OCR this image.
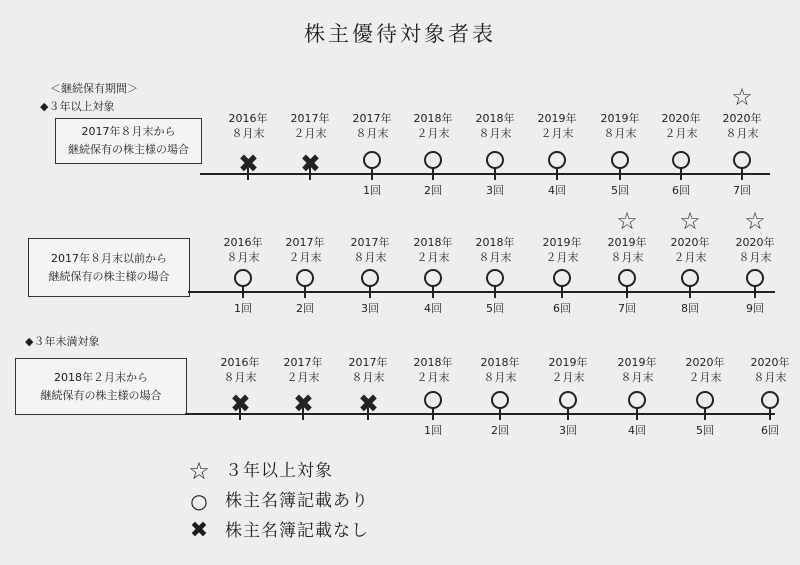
株主優待対象者表
＜継続保有期間＞
◆３年以上対象
◆３年未満対象
2017年８月末から
継続保有の株主様の場合
2016年
８月末
✖
2017年
２月末
✖
2017年
８月末
1回
2018年
２月末
2回
2018年
８月末
3回
2019年
２月末
4回
2019年
８月末
5回
2020年
２月末
6回
☆
2020年
８月末
7回
2017年８月末以前から
継続保有の株主様の場合
2016年
８月末
1回
2017年
２月末
2回
2017年
８月末
3回
2018年
２月末
4回
2018年
８月末
5回
2019年
２月末
6回
☆
2019年
８月末
7回
☆
2020年
２月末
8回
☆
2020年
８月末
9回
2018年２月末から
継続保有の株主様の場合
2016年
８月末
✖
2017年
２月末
✖
2017年
８月末
✖
2018年
２月末
1回
2018年
８月末
2回
2019年
２月末
3回
2019年
８月末
4回
2020年
２月末
5回
2020年
８月末
6回
☆ ３年以上対象
○	株主名簿記載あり
✖ 株主名簿記載なし
